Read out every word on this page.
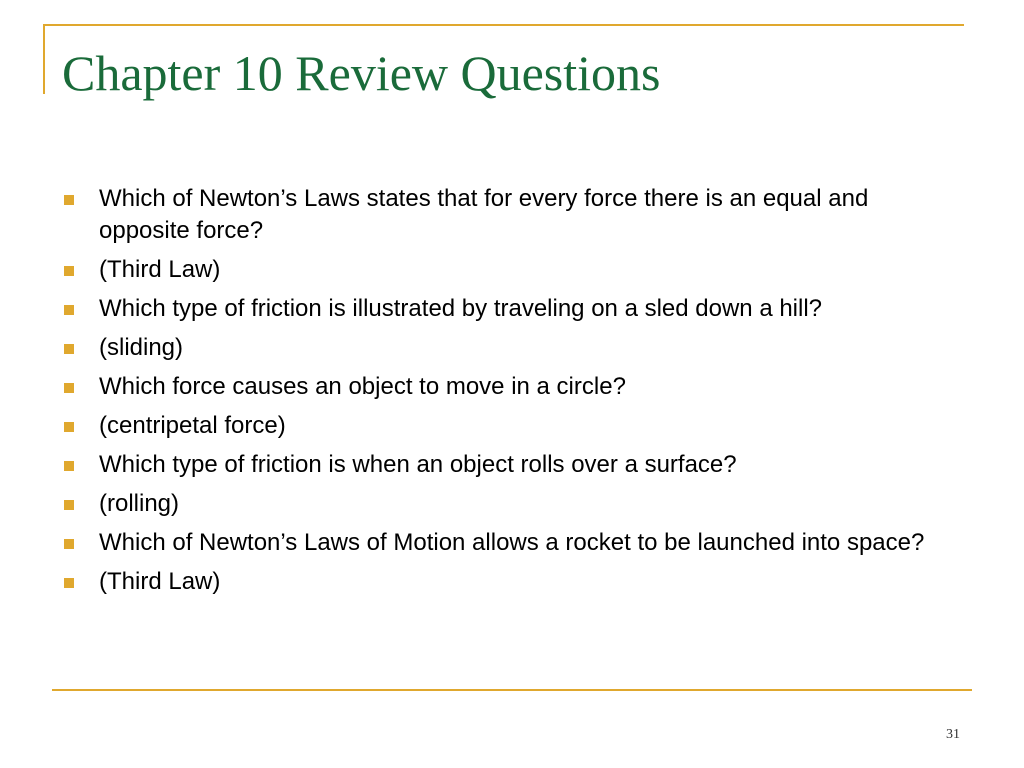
Chapter 10 Review Questions
Which of Newton’s Laws states that for every force there is an equal and opposite force?
(Third Law)
Which type of friction is illustrated by traveling on a sled down a hill?
(sliding)
Which force causes an object to move in a circle?
(centripetal force)
Which type of friction is when an object rolls over a surface?
(rolling)
Which of Newton’s Laws of Motion allows a rocket to be launched into space?
(Third Law)
31
